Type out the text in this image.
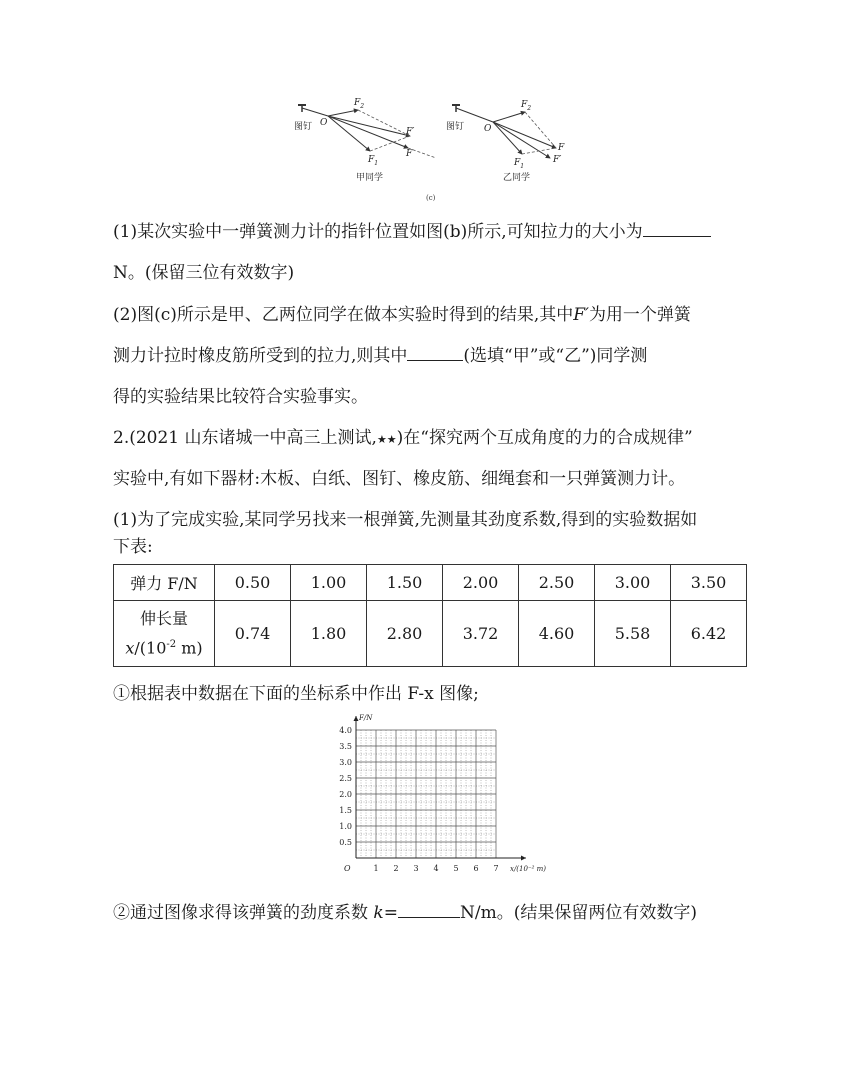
图钉 O
$F_2$
F′
F
$F_1$
甲同学
图钉 O
$F_2$
F
F′
$F_1$
乙同学
(c)
(1)某次实验中一弹簧测力计的指针位置如图(b)所示,可知拉力的大小为
N。(保留三位有效数字)
(2)图(c)所示是甲、乙两位同学在做本实验时得到的结果,其中F′为用一个弹簧
测力计拉时橡皮筋所受到的拉力,则其中	(选填“甲”或“乙”)同学测
得的实验结果比较符合实验事实。
2.(2021 山东诸城一中高三上测试,★★)在“探究两个互成角度的力的合成规律”
实验中,有如下器材:木板、白纸、图钉、橡皮筋、细绳套和一只弹簧测力计。
(1)为了完成实验,某同学另找来一根弹簧,先测量其劲度系数,得到的实验数据如
下表:
弹力 F/N	0.50	1.00	1.50	2.00	2.50	3.00	3.50

伸长量
$x/(10^{-2}$ m)	0.74	1.80	2.80	3.72	4.60	5.58	6.42
①根据表中数据在下面的坐标系中作出 F-x 图像;
1 2 3 4 5 6 7
0.5
1.0
1.5
2.0
2.5
3.0
3.5
4.0
O	x/(10⁻² m)
F/N
②通过图像求得该弹簧的劲度系数 k=	N/m。(结果保留两位有效数字)
